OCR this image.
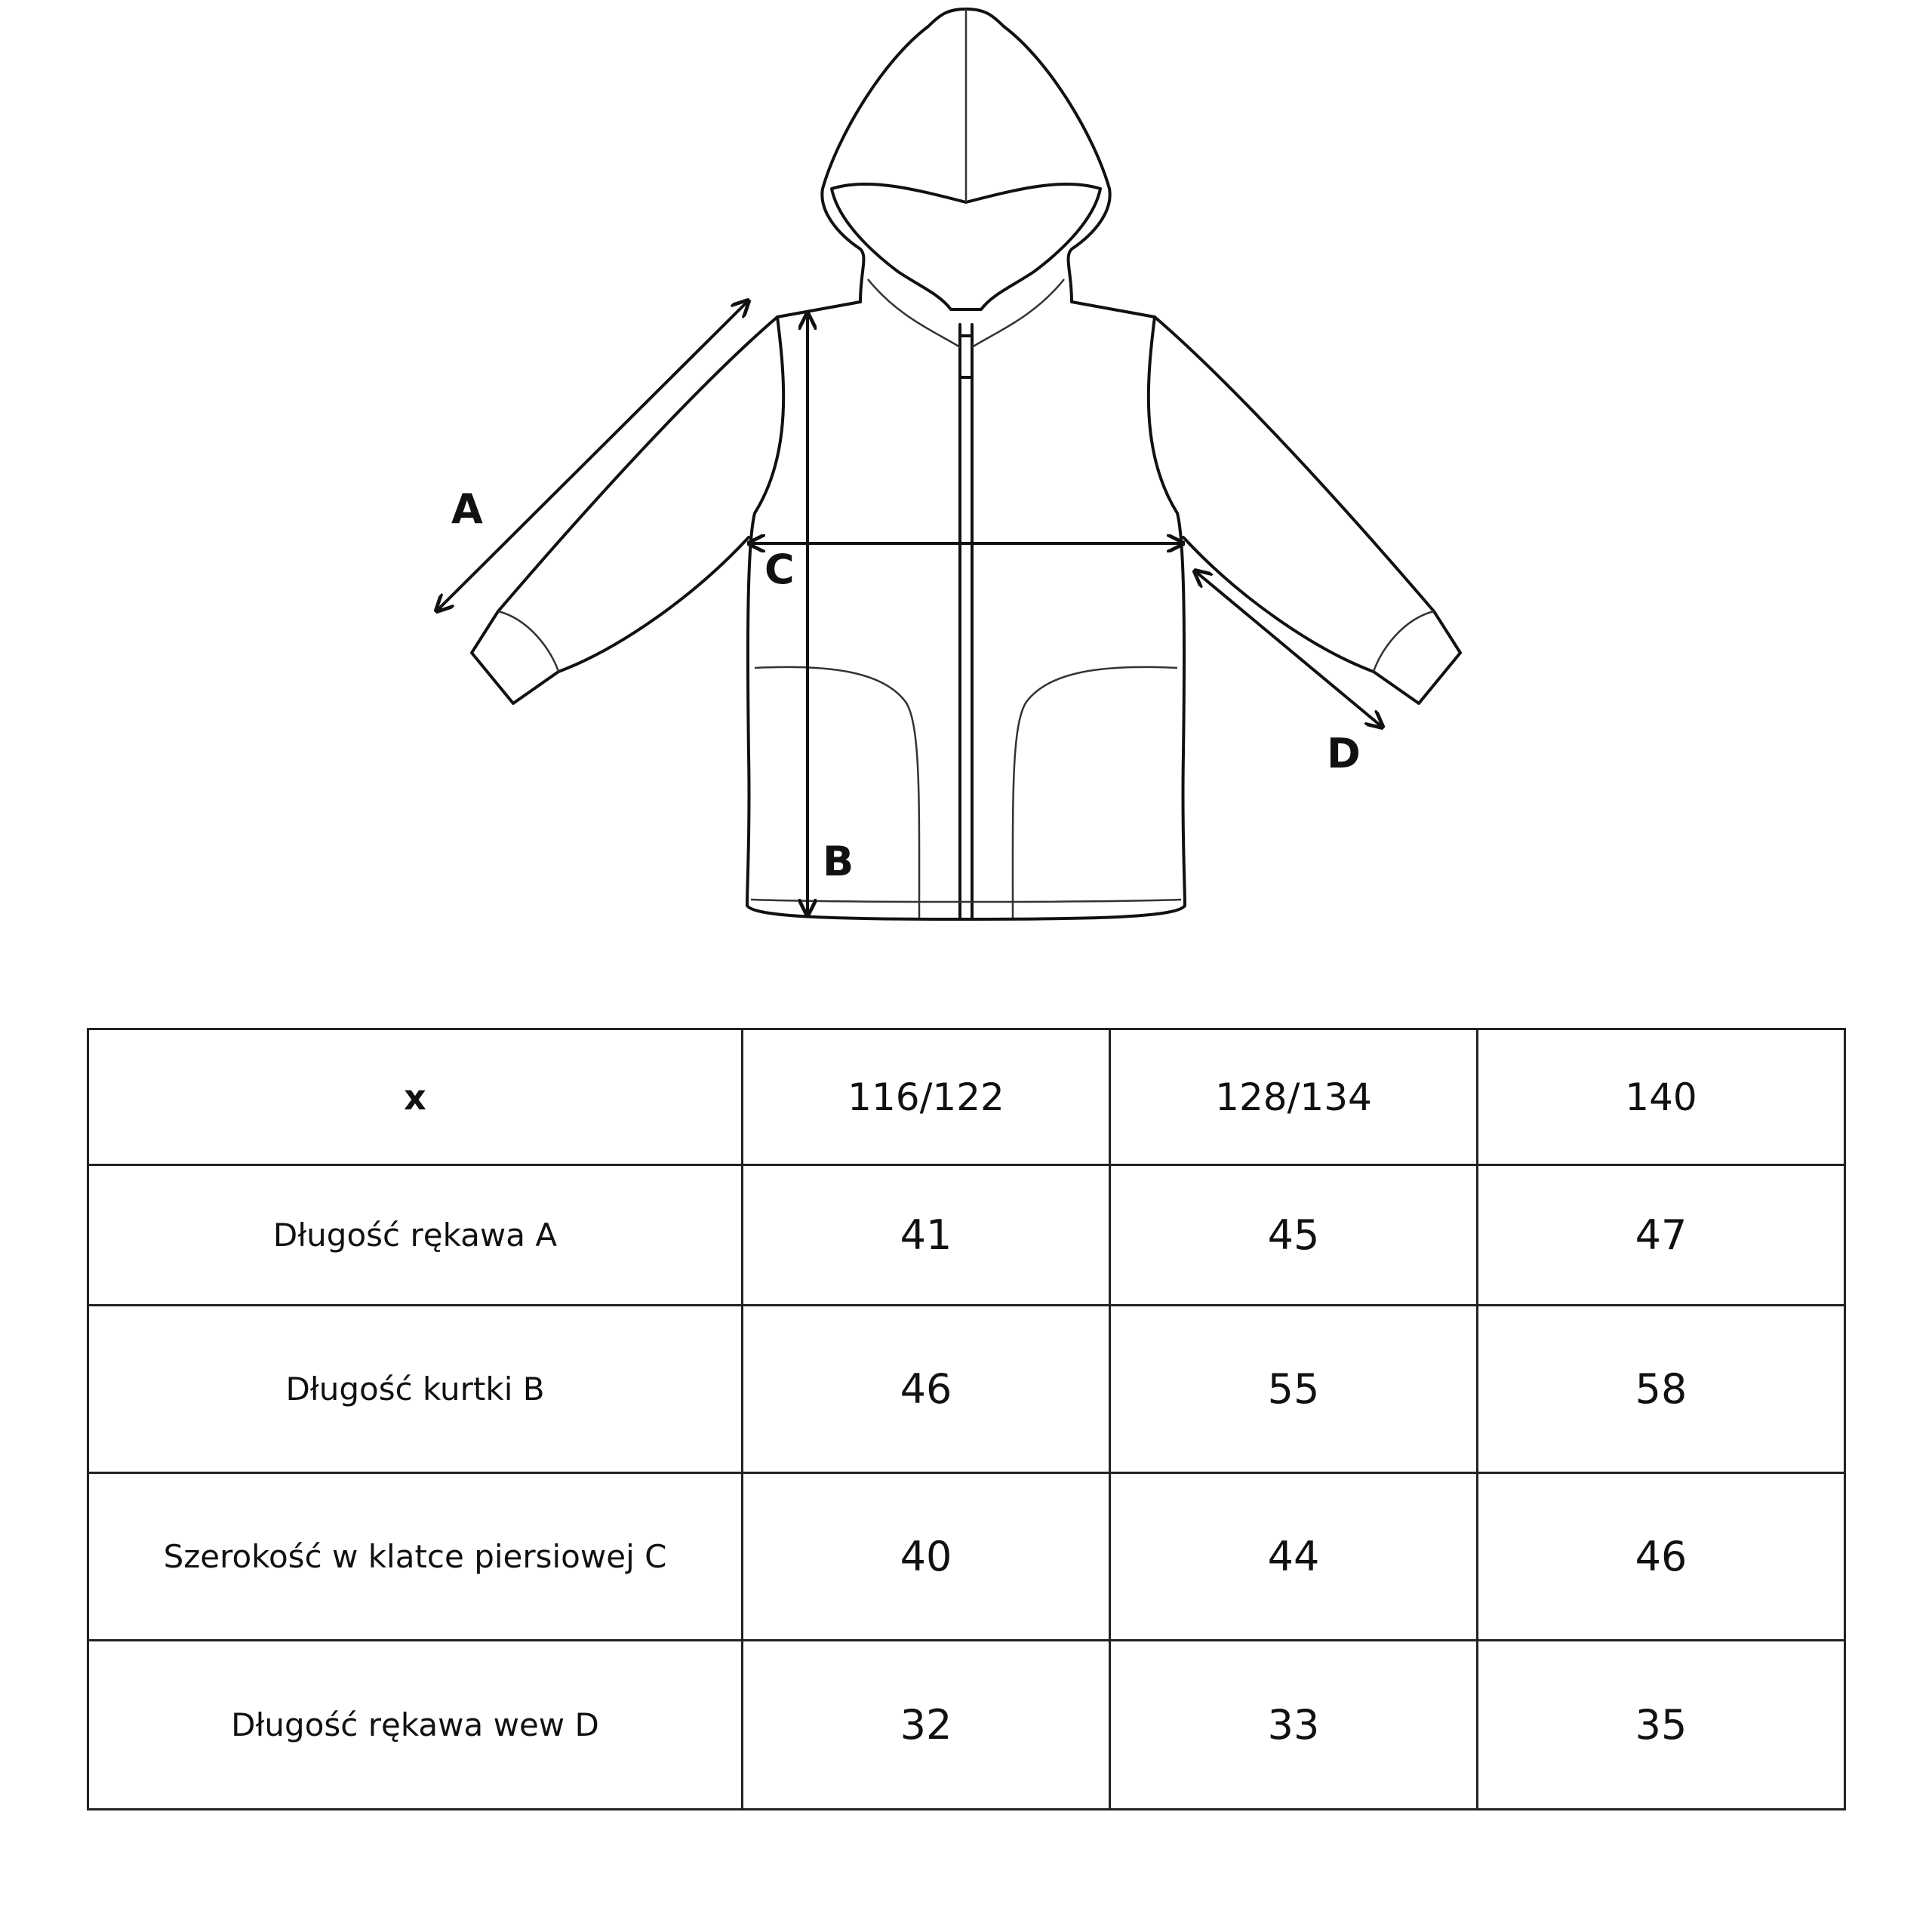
A
B
C
D
x	116/122	128/134	140
Długość rękawa A	41	45	47
Długość kurtki B	46	55	58
Szerokość w klatce piersiowej C	40	44	46
Długość rękawa wew D	32	33	35
